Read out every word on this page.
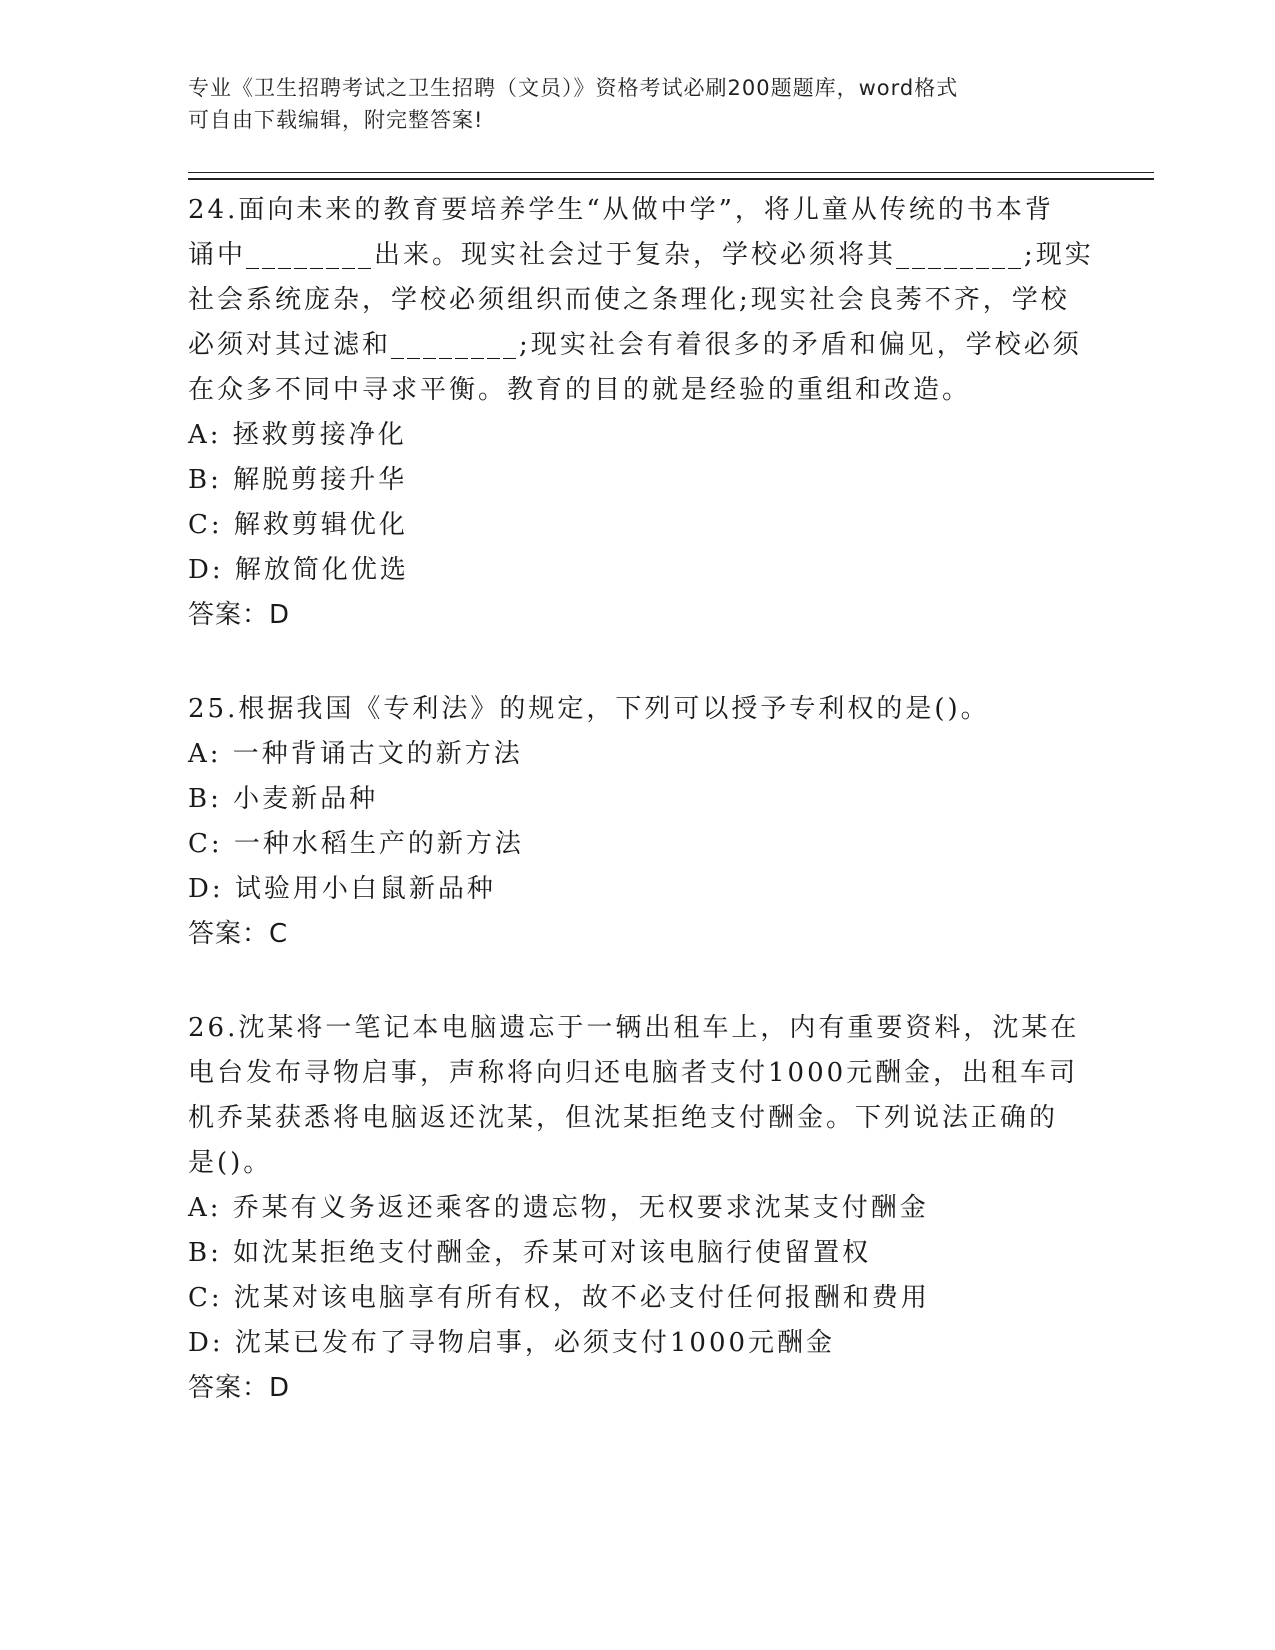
专业《卫生招聘考试之卫生招聘（文员）》资格考试必刷200题题库，word格式
可自由下载编辑，附完整答案!
24.面向未来的教育要培养学生“从做中学”，将儿童从传统的书本背
诵中________出来。现实社会过于复杂，学校必须将其________;现实
社会系统庞杂，学校必须组织而使之条理化;现实社会良莠不齐，学校
必须对其过滤和________;现实社会有着很多的矛盾和偏见，学校必须
在众多不同中寻求平衡。教育的目的就是经验的重组和改造。
A: 拯救剪接净化
B: 解脱剪接升华
C: 解救剪辑优化
D: 解放简化优选
答案：D
25.根据我国《专利法》的规定，下列可以授予专利权的是()。
A: 一种背诵古文的新方法
B: 小麦新品种
C: 一种水稻生产的新方法
D: 试验用小白鼠新品种
答案：C
26.沈某将一笔记本电脑遗忘于一辆出租车上，内有重要资料，沈某在
电台发布寻物启事，声称将向归还电脑者支付1000元酬金，出租车司
机乔某获悉将电脑返还沈某，但沈某拒绝支付酬金。下列说法正确的
是()。
A: 乔某有义务返还乘客的遗忘物，无权要求沈某支付酬金
B: 如沈某拒绝支付酬金，乔某可对该电脑行使留置权
C: 沈某对该电脑享有所有权，故不必支付任何报酬和费用
D: 沈某已发布了寻物启事，必须支付1000元酬金
答案：D
